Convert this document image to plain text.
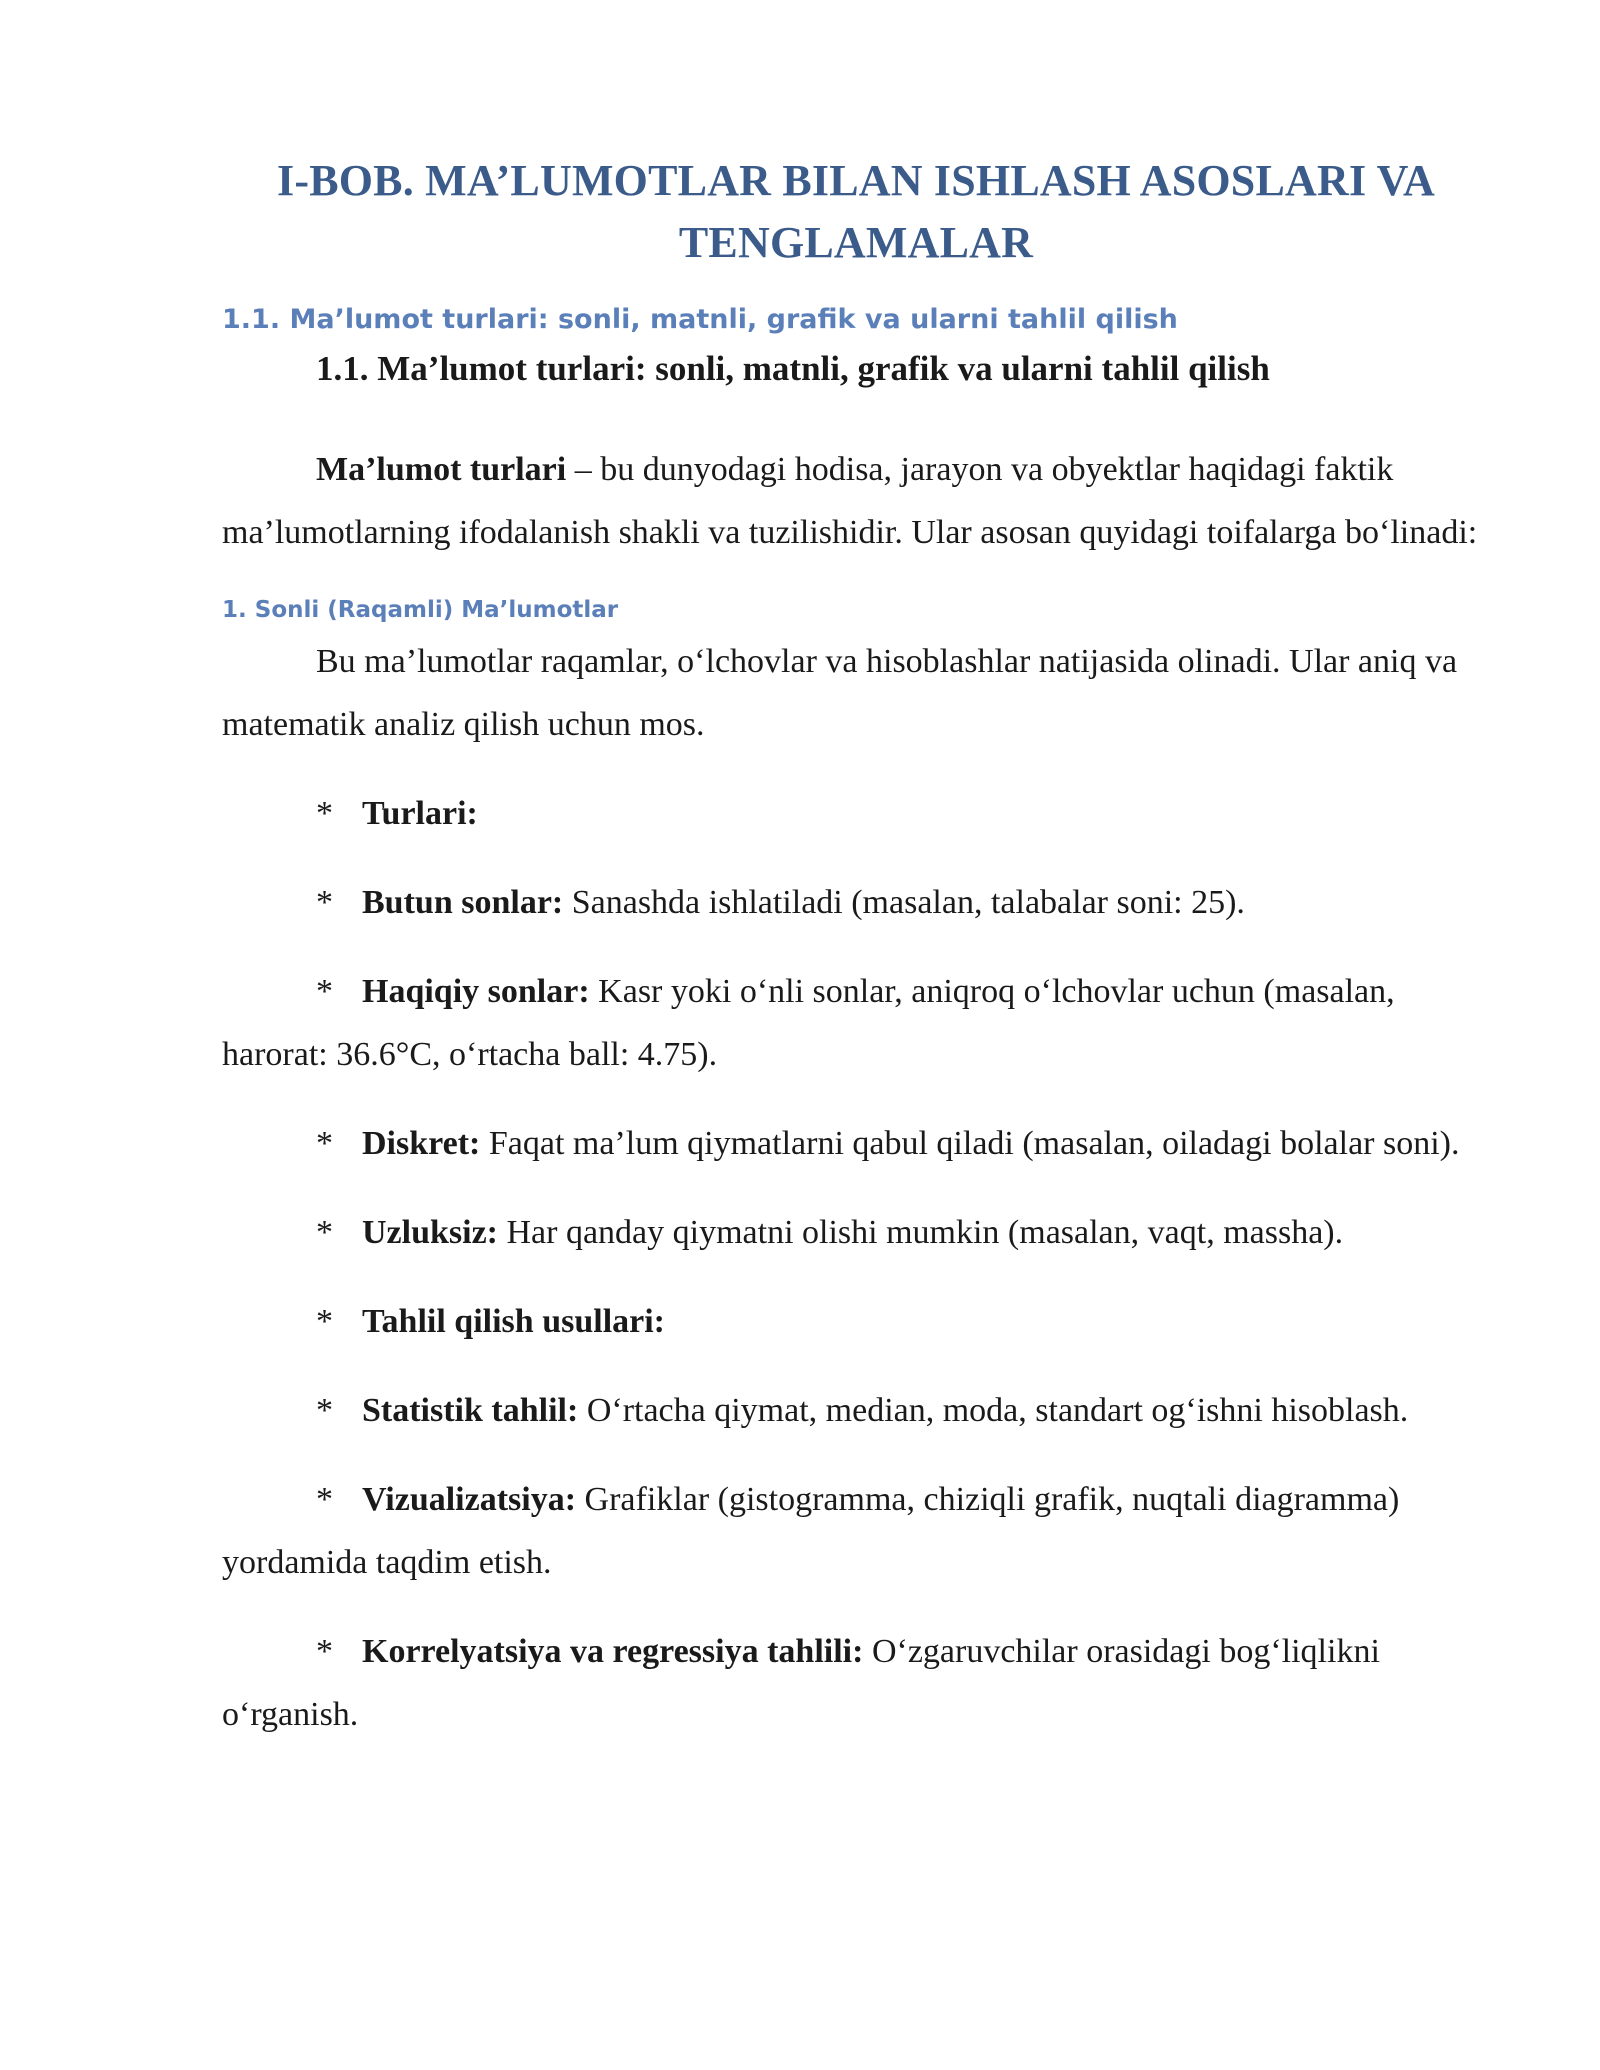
I-BOB. MA’LUMOTLAR BILAN ISHLASH ASOSLARI VA
TENGLAMALAR
1.1. Ma’lumot turlari: sonli, matnli, grafik va ularni tahlil qilish
1.1. Ma’lumot turlari: sonli, matnli, grafik va ularni tahlil qilish

Ma’lumot turlari – bu dunyodagi hodisa, jarayon va obyektlar haqidagi faktik ma’lumotlarning ifodalanish shakli va tuzilishidir. Ular asosan quyidagi toifalarga bo‘linadi:

1. Sonli (Raqamli) Ma’lumotlar

Bu ma’lumotlar raqamlar, o‘lchovlar va hisoblashlar natijasida olinadi. Ular aniq va matematik analiz qilish uchun mos.

* Turlari:

* Butun sonlar: Sanashda ishlatiladi (masalan, talabalar soni: 25).

* Haqiqiy sonlar: Kasr yoki o‘nli sonlar, aniqroq o‘lchovlar uchun (masalan, harorat: 36.6°C, o‘rtacha ball: 4.75).

* Diskret: Faqat ma’lum qiymatlarni qabul qiladi (masalan, oiladagi bolalar soni).

* Uzluksiz: Har qanday qiymatni olishi mumkin (masalan, vaqt, massha).

* Tahlil qilish usullari:

* Statistik tahlil: O‘rtacha qiymat, median, moda, standart og‘ishni hisoblash.

* Vizualizatsiya: Grafiklar (gistogramma, chiziqli grafik, nuqtali diagramma) yordamida taqdim etish.

* Korrelyatsiya va regressiya tahlili: O‘zgaruvchilar orasidagi bog‘liqlikni o‘rganish.
